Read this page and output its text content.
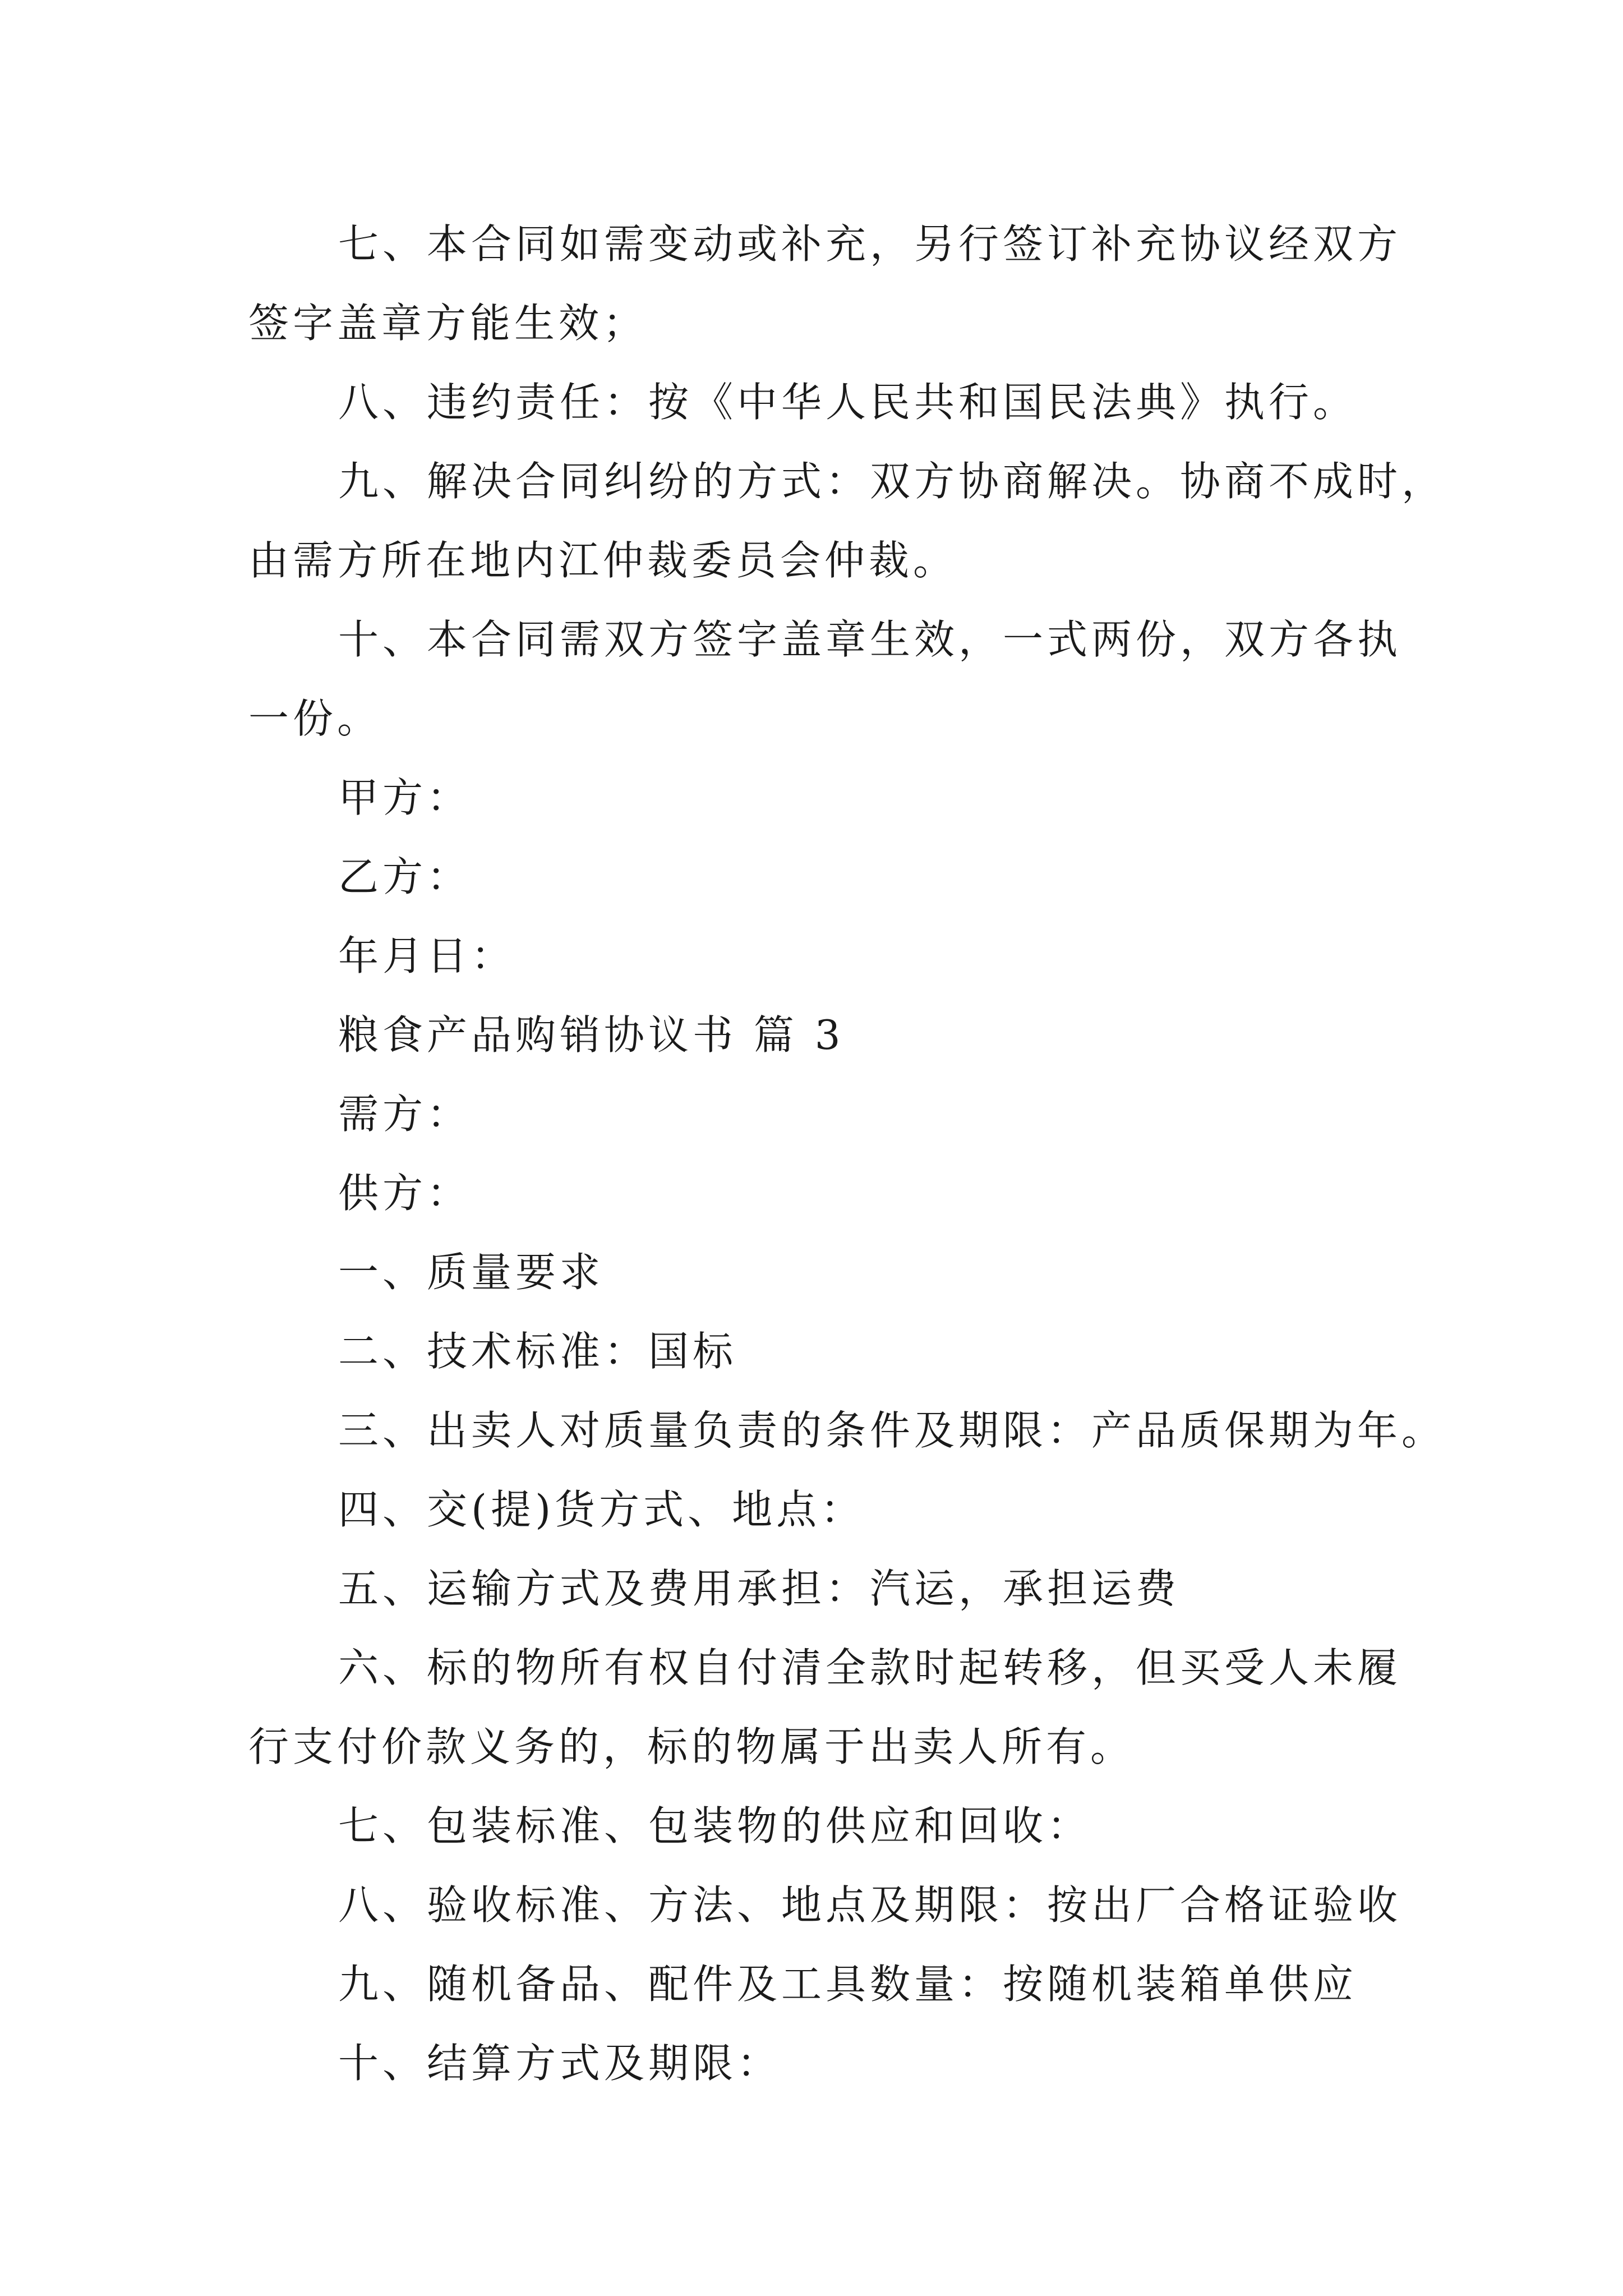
七、本合同如需变动或补充，另行签订补充协议经双方
签字盖章方能生效；
八、违约责任：按《中华人民共和国民法典》执行。
九、解决合同纠纷的方式：双方协商解决。协商不成时，
由需方所在地内江仲裁委员会仲裁。
十、本合同需双方签字盖章生效，一式两份，双方各执
一份。
甲方：
乙方：
年月日：
粮食产品购销协议书 篇 3
需方：
供方：
一、质量要求
二、技术标准：国标
三、出卖人对质量负责的条件及期限：产品质保期为年。
四、交(提)货方式、地点：
五、运输方式及费用承担：汽运，承担运费
六、标的物所有权自付清全款时起转移，但买受人未履
行支付价款义务的，标的物属于出卖人所有。
七、包装标准、包装物的供应和回收：
八、验收标准、方法、地点及期限：按出厂合格证验收
九、随机备品、配件及工具数量：按随机装箱单供应
十、结算方式及期限：
